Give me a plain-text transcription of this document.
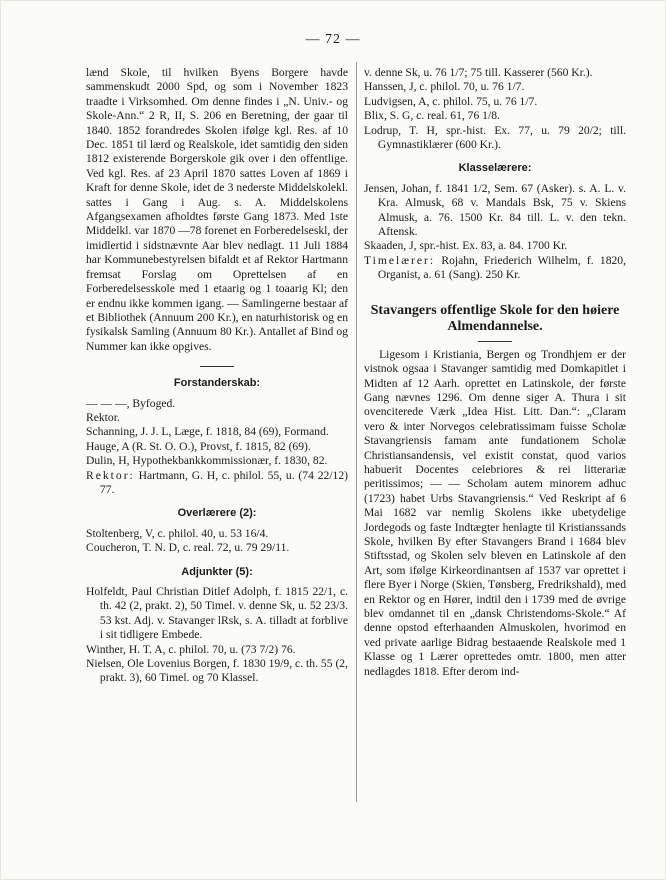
— 72 —

lænd Skole, til hvilken Byens Borgere havde sammenskudt 2000 Spd, og som i November 1823 traadte i Virksomhed. Om denne findes i „N. Univ.- og Skole-Ann.“ 2 R, II, S. 206 en Beretning, der gaar til 1840. 1852 forandredes Skolen ifølge kgl. Res. af 10 Dec. 1851 til lærd og Realskole, idet samtidig den siden 1812 existerende Borgerskole gik over i den offentlige. Ved kgl. Res. af 23 April 1870 sattes Loven af 1869 i Kraft for denne Skole, idet de 3 nederste Middelskolekl. sattes i Gang i Aug. s. A. Middelskolens Afgangsexamen afholdtes første Gang 1873. Med 1ste Middelkl. var 1870 —78 forenet en Forberedelseskl, der imidlertid i sidstnævnte Aar blev nedlagt. 11 Juli 1884 har Kommunebestyrelsen bifaldt et af Rektor Hartmann fremsat Forslag om Oprettelsen af en Forberedelsesskole med 1 etaarig og 1 toaarig Kl; den er endnu ikke kommen igang. — Samlingerne bestaar af et Bibliothek (Annuum 200 Kr.), en naturhistorisk og en fysikalsk Samling (Annuum 80 Kr.). Antallet af Bind og Nummer kan ikke opgives.

Forstanderskab:

— — —, Byfoged.

Rektor.

Schanning, J. J. L, Læge, f. 1818, 84 (69), Formand.

Hauge, A (R. St. O. O.), Provst, f. 1815, 82 (69).

Dulin, H, Hypothekbankkommissionær, f. 1830, 82.

Rektor: Hartmann, G. H, c. philol. 55, u. (74 22/12) 77.

Overlærere (2):

Stoltenberg, V, c. philol. 40, u. 53 16/4.

Coucheron, T. N. D, c. real. 72, u. 79 29/11.

Adjunkter (5):

Holfeldt, Paul Christian Ditlef Adolph, f. 1815 22/1, c. th. 42 (2, prakt. 2), 50 Timel. v. denne Sk, u. 52 23/3. 53 kst. Adj. v. Stavanger lRsk, s. A. tilladt at forblive i sit tidligere Embede.

Winther, H. T. A, c. philol. 70, u. (73 7/2) 76.

Nielsen, Ole Lovenius Borgen, f. 1830 19/9, c. th. 55 (2, prakt. 3), 60 Timel. og 70 Klassel.

v. denne Sk, u. 76 1/7; 75 till. Kasserer (560 Kr.).

Hanssen, J, c. philol. 70, u. 76 1/7.

Ludvigsen, A, c. philol. 75, u. 76 1/7.

Blix, S. G, c. real. 61, 76 1/8.

Lodrup, T. H, spr.-hist. Ex. 77, u. 79 20/2; till. Gymnastiklærer (600 Kr.).

Klasselærere:

Jensen, Johan, f. 1841 1/2, Sem. 67 (Asker). s. A. L. v. Kra. Almusk, 68 v. Mandals Bsk, 75 v. Skiens Almusk, a. 76. 1500 Kr. 84 till. L. v. den tekn. Aftensk.

Skaaden, J, spr.-hist. Ex. 83, a. 84. 1700 Kr.

Timelærer: Rojahn, Friederich Wilhelm, f. 1820, Organist, a. 61 (Sang). 250 Kr.

Stavangers offentlige Skole for den høiere Almendannelse.

Ligesom i Kristiania, Bergen og Trondhjem er der vistnok ogsaa i Stavanger samtidig med Domkapitlet i Midten af 12 Aarh. oprettet en Latinskole, der første Gang nævnes 1296. Om denne siger A. Thura i sit ovenciterede Værk „Idea Hist. Litt. Dan.“: „Claram vero & inter Norvegos celebratissimam fuisse Scholæ Stavangriensis famam ante fundationem Scholæ Christiansandensis, vel existit constat, quod varios habuerit Docentes celebriores & rei litterariæ peritissimos; — — Scholam autem minorem adhuc (1723) habet Urbs Stavangriensis.“ Ved Reskript af 6 Mai 1682 var nemlig Skolens ikke ubetydelige Jordegods og faste Indtægter henlagte til Kristianssands Skole, hvilken By efter Stavangers Brand i 1684 blev Stiftsstad, og Skolen selv bleven en Latinskole af den Art, som ifølge Kirkeordinantsen af 1537 var oprettet i flere Byer i Norge (Skien, Tønsberg, Fredrikshald), med en Rektor og en Hører, indtil den i 1739 med de øvrige blev omdannet til en „dansk Christendoms-Skole.“ Af denne opstod efterhaanden Almuskolen, hvorimod en ved private aarlige Bidrag bestaaende Realskole med 1 Klasse og 1 Lærer oprettedes omtr. 1800, men atter nedlagdes 1818. Efter derom ind-
